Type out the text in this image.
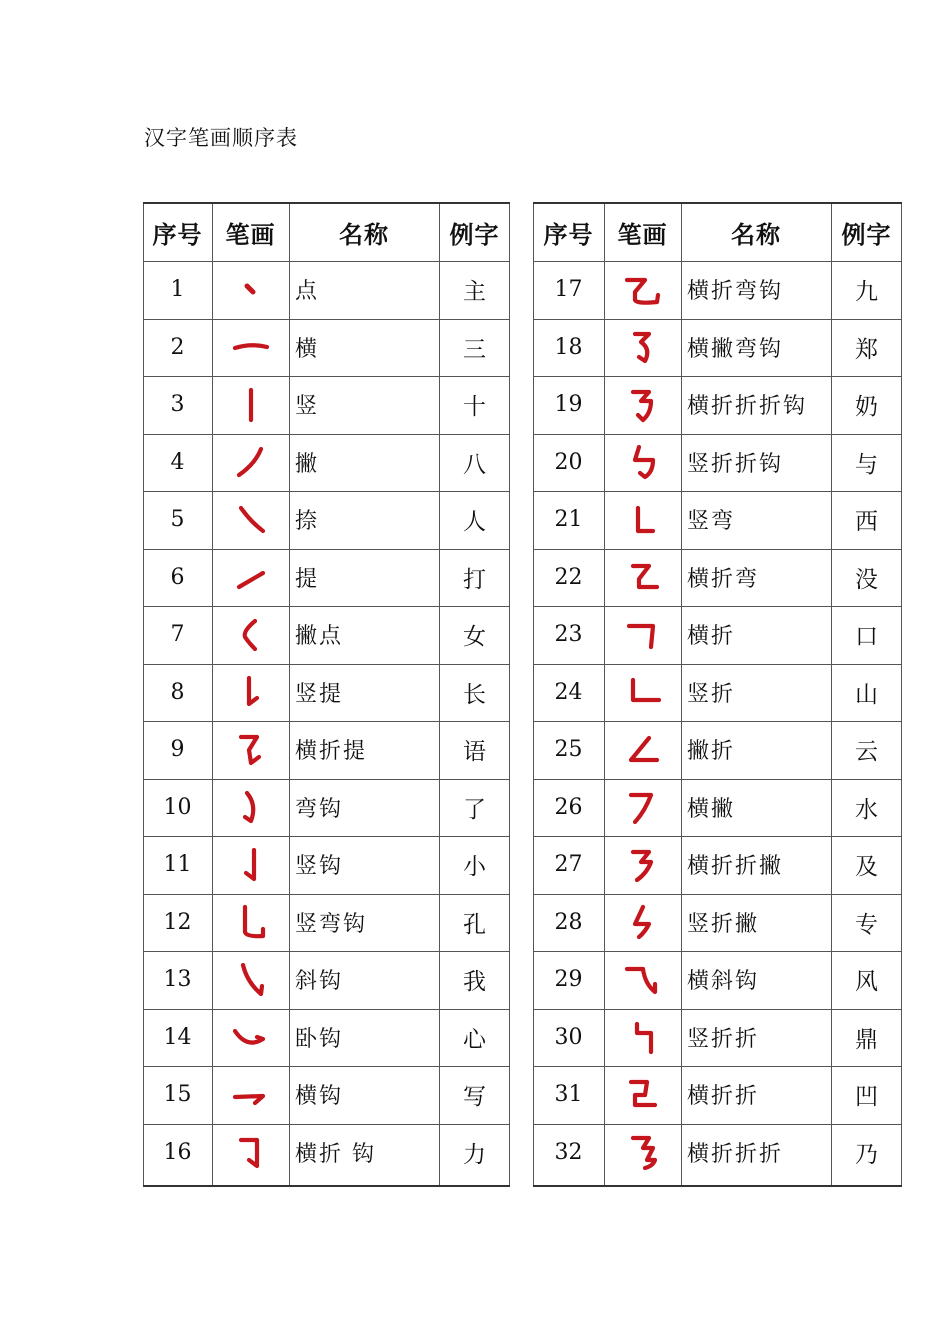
汉字笔画顺序表
序号 笔画	名称	例字
1	点	主
2	横	三
3	竖	十
4	撇	八
5	捺	人
6	提	打
7	撇点	女
8	竖提	长
9	横折提	语
10	弯钩	了
11	竖钩	小
12	竖弯钩	孔
13	斜钩	我
14	卧钩	心
15	横钩	写
16	横折 钩	力
序号	笔画	名称	例字
17	横折弯钩	九
18	横撇弯钩	郑
19	横折折折钩	奶
20	竖折折钩	与
21	竖弯	西
22	横折弯	没
23	横折	口
24	竖折	山
25	撇折	云
26	横撇	水
27	横折折撇	及
28	竖折撇	专
29	横斜钩	风
30	竖折折	鼎
31	横折折	凹
32	横折折折	乃
